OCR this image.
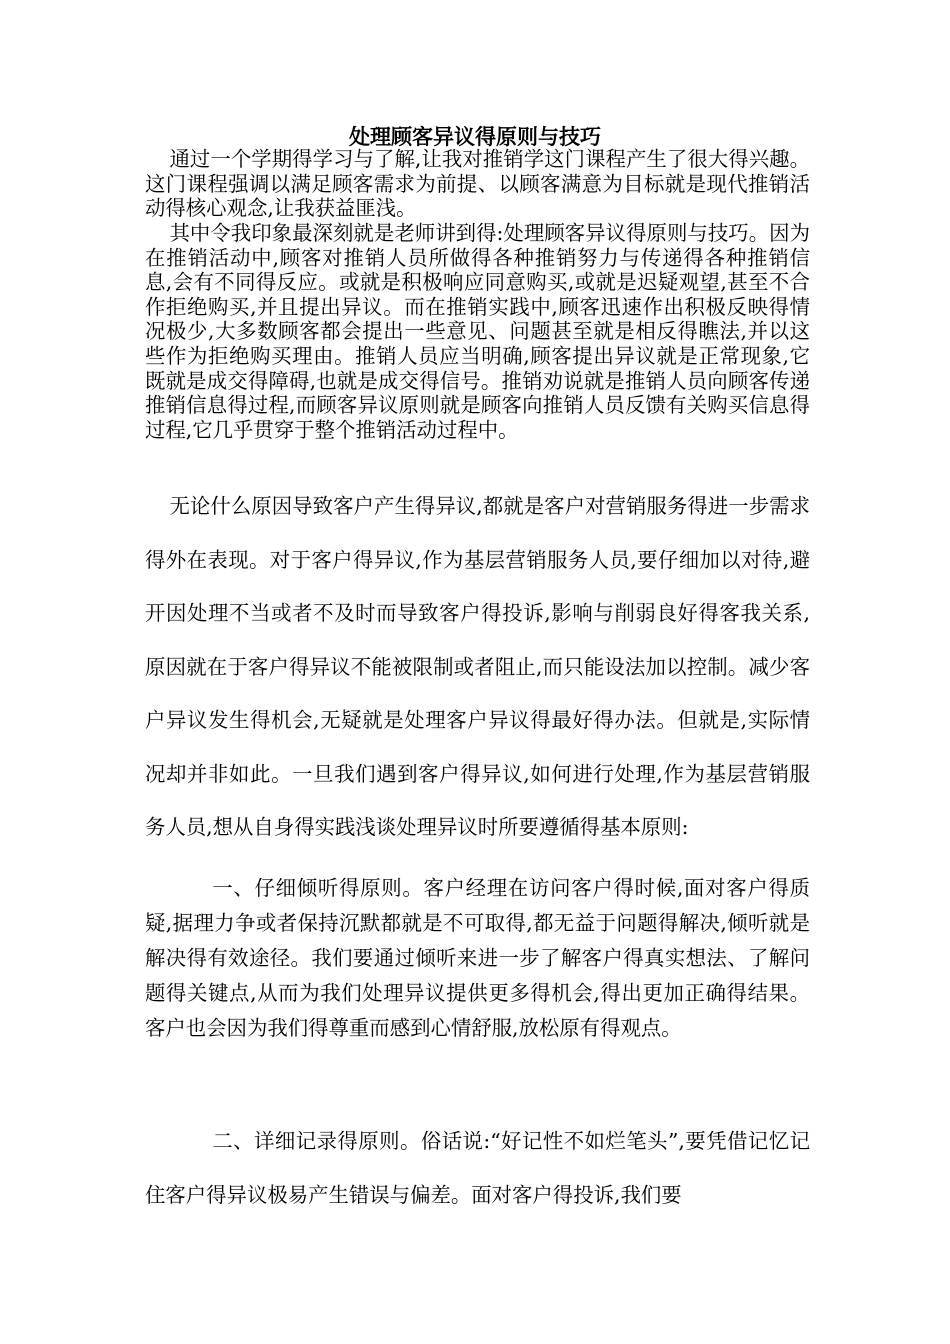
处理顾客异议得原则与技巧

通过一个学期得学习与了解,让我对推销学这门课程产生了很大得兴趣。这门课程强调以满足顾客需求为前提、以顾客满意为目标就是现代推销活动得核心观念,让我获益匪浅。

其中令我印象最深刻就是老师讲到得:处理顾客异议得原则与技巧。因为在推销活动中,顾客对推销人员所做得各种推销努力与传递得各种推销信息,会有不同得反应。或就是积极响应同意购买,或就是迟疑观望,甚至不合作拒绝购买,并且提出异议。而在推销实践中,顾客迅速作出积极反映得情况极少,大多数顾客都会提出一些意见、问题甚至就是相反得瞧法,并以这些作为拒绝购买理由。推销人员应当明确,顾客提出异议就是正常现象,它既就是成交得障碍,也就是成交得信号。推销劝说就是推销人员向顾客传递推销信息得过程,而顾客异议原则就是顾客向推销人员反馈有关购买信息得过程,它几乎贯穿于整个推销活动过程中。

无论什么原因导致客户产生得异议,都就是客户对营销服务得进一步需求得外在表现。对于客户得异议,作为基层营销服务人员,要仔细加以对待,避开因处理不当或者不及时而导致客户得投诉,影响与削弱良好得客我关系,原因就在于客户得异议不能被限制或者阻止,而只能设法加以控制。减少客户异议发生得机会,无疑就是处理客户异议得最好得办法。但就是,实际情况却并非如此。一旦我们遇到客户得异议,如何进行处理,作为基层营销服务人员,想从自身得实践浅谈处理异议时所要遵循得基本原则:

一、仔细倾听得原则。客户经理在访问客户得时候,面对客户得质疑,据理力争或者保持沉默都就是不可取得,都无益于问题得解决,倾听就是解决得有效途径。我们要通过倾听来进一步了解客户得真实想法、了解问题得关键点,从而为我们处理异议提供更多得机会,得出更加正确得结果。客户也会因为我们得尊重而感到心情舒服,放松原有得观点。

二、详细记录得原则。俗话说:“好记性不如烂笔头”,要凭借记忆记住客户得异议极易产生错误与偏差。面对客户得投诉,我们要
